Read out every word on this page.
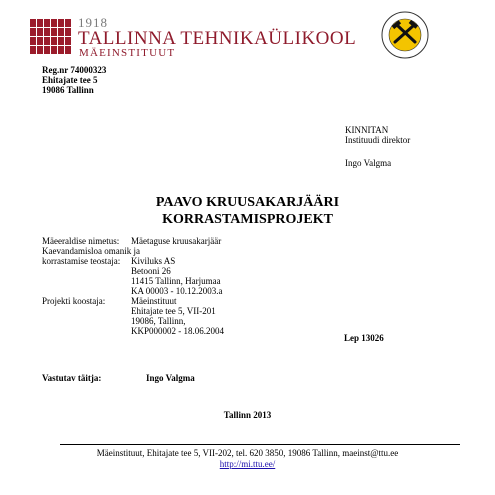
1918
TALLINNA TEHNIKAÜLIKOOL
MÄEINSTITUUT
Reg.nr 74000323
Ehitajate tee 5
19086 Tallinn
KINNITAN
Instituudi direktor
Ingo Valgma
PAAVO KRUUSAKARJÄÄRI
KORRASTAMISPROJEKT
Mäeeraldise nimetus: Mäetaguse kruusakarjäär
Kaevandamisloa omanik ja
korrastamise teostaja: Kiviluks AS
Betooni 26
11415 Tallinn, Harjumaa
KA 00003 - 10.12.2003.a
Projekti koostaja:	Mäeinstituut
Ehitajate tee 5, VII-201
19086, Tallinn,
KKP000002 - 18.06.2004
Lep 13026
Vastutav täitja:	Ingo Valgma
Tallinn 2013
Mäeinstituut, Ehitajate tee 5, VII-202, tel. 620 3850, 19086 Tallinn, maeinst@ttu.ee
http://mi.ttu.ee/
